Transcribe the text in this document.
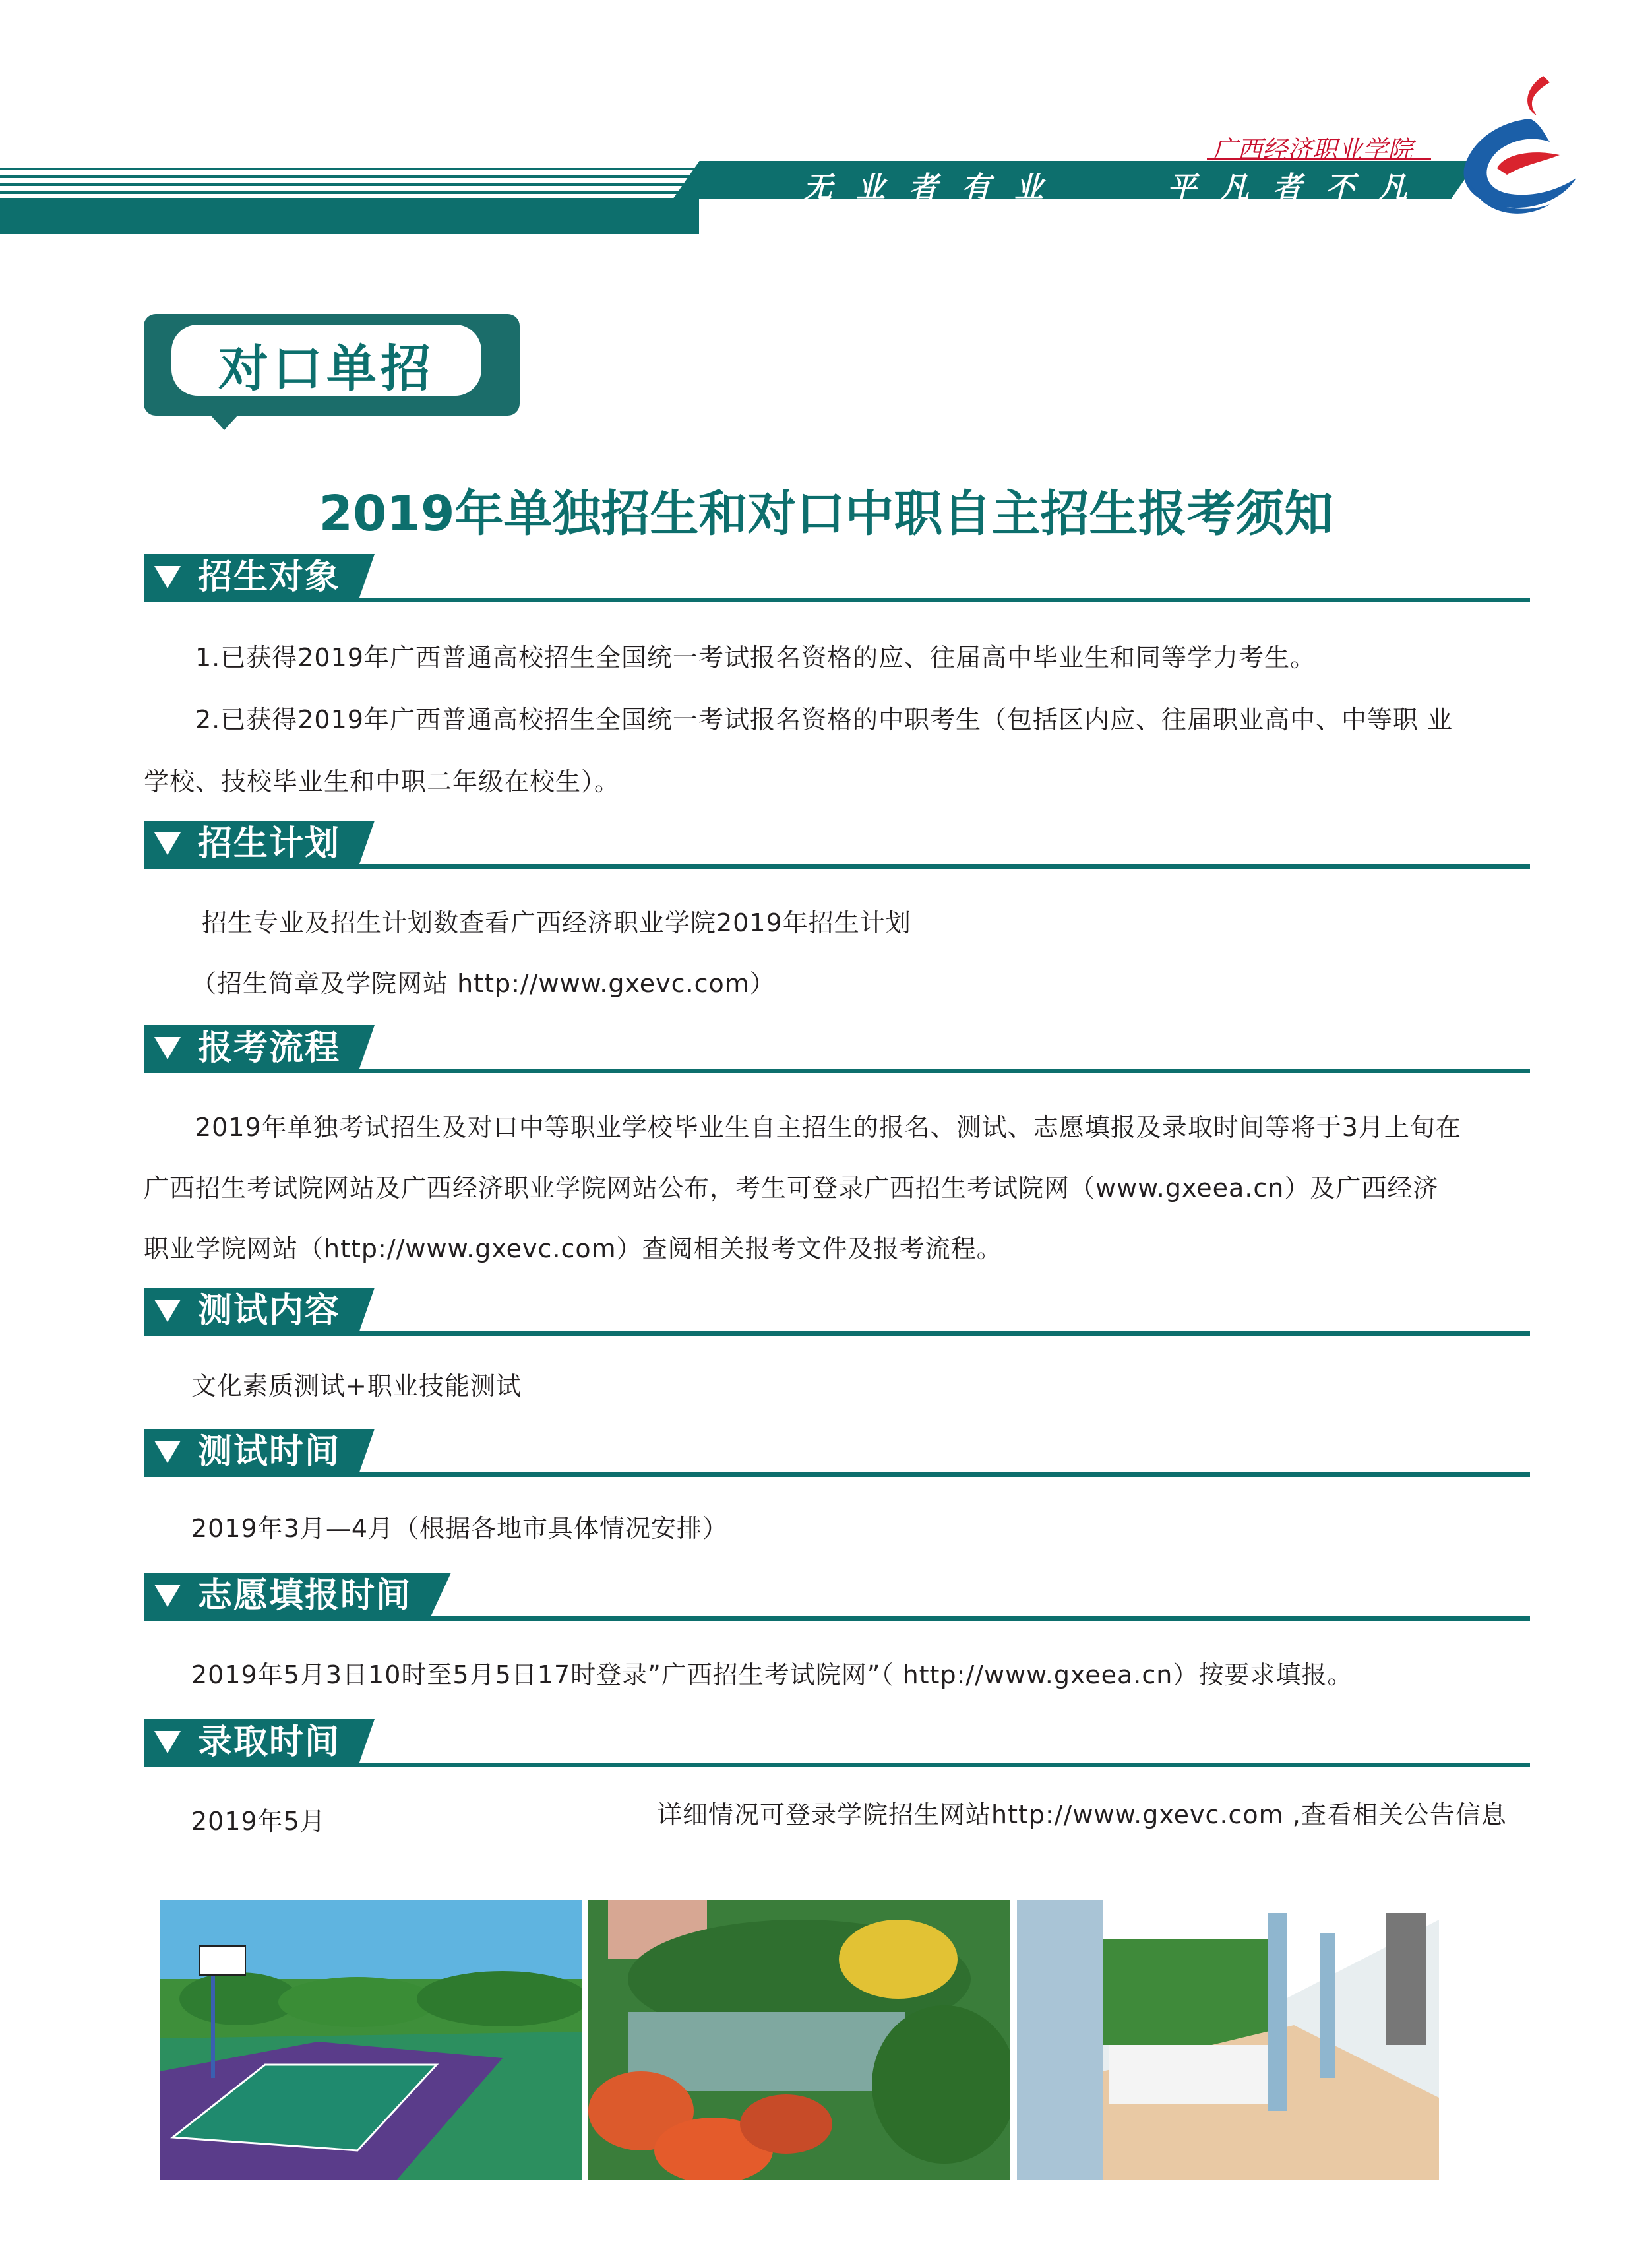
无业者有业	平凡者不凡
广西经济职业学院
对口单招
2019年单独招生和对口中职自主招生报考须知
招生对象
1.已获得2019年广西普通高校招生全国统一考试报名资格的应、往届高中毕业生和同等学力考生。
2.已获得2019年广西普通高校招生全国统一考试报名资格的中职考生（包括区内应、往届职业高中、中等职 业
学校、技校毕业生和中职二年级在校生）。
招生计划
招生专业及招生计划数查看广西经济职业学院2019年招生计划
（招生简章及学院网站 http://www.gxevc.com）
报考流程
2019年单独考试招生及对口中等职业学校毕业生自主招生的报名、测试、志愿填报及录取时间等将于3月上旬在
广西招生考试院网站及广西经济职业学院网站公布，考生可登录广西招生考试院网（www.gxeea.cn）及广西经济
职业学院网站（http://www.gxevc.com）查阅相关报考文件及报考流程。
测试内容
文化素质测试+职业技能测试
测试时间
2019年3月—4月（根据各地市具体情况安排）
志愿填报时间
2019年5月3日10时至5月5日17时登录”广西招生考试院网”（ http://www.gxeea.cn）按要求填报。
录取时间
2019年5月	详细情况可登录学院招生网站http://www.gxevc.com ,查看相关公告信息
